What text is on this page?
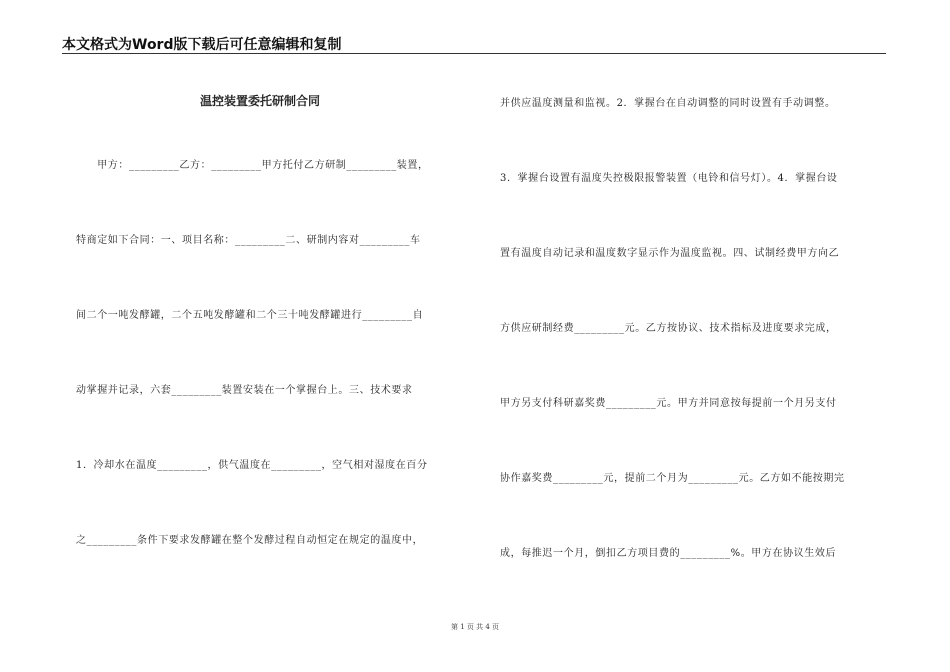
本文格式为Word版下载后可任意编辑和复制
温控装置委托研制合同
　　甲方：_________乙方：_________甲方托付乙方研制_________装置，
特商定如下合同：一、项目名称：_________二、研制内容对_________车
间二个一吨发酵罐，二个五吨发酵罐和二个三十吨发酵罐进行_________自
动掌握并记录，六套_________装置安装在一个掌握台上。三、技术要求
1．冷却水在温度_________，供气温度在_________，空气相对湿度在百分
之_________条件下要求发酵罐在整个发酵过程自动恒定在规定的温度中，
并供应温度测量和监视。2．掌握台在自动调整的同时设置有手动调整。
3．掌握台设置有温度失控极限报警装置（电铃和信号灯）。4．掌握台设
置有温度自动记录和温度数字显示作为温度监视。四、试制经费甲方向乙
方供应研制经费_________元。乙方按协议、技术指标及进度要求完成，
甲方另支付科研嘉奖费_________元。甲方并同意按每提前一个月另支付
协作嘉奖费_________元，提前二个月为_________元。乙方如不能按期完
成，每推迟一个月，倒扣乙方项目费的_________%。甲方在协议生效后
第 1 页 共 4 页
